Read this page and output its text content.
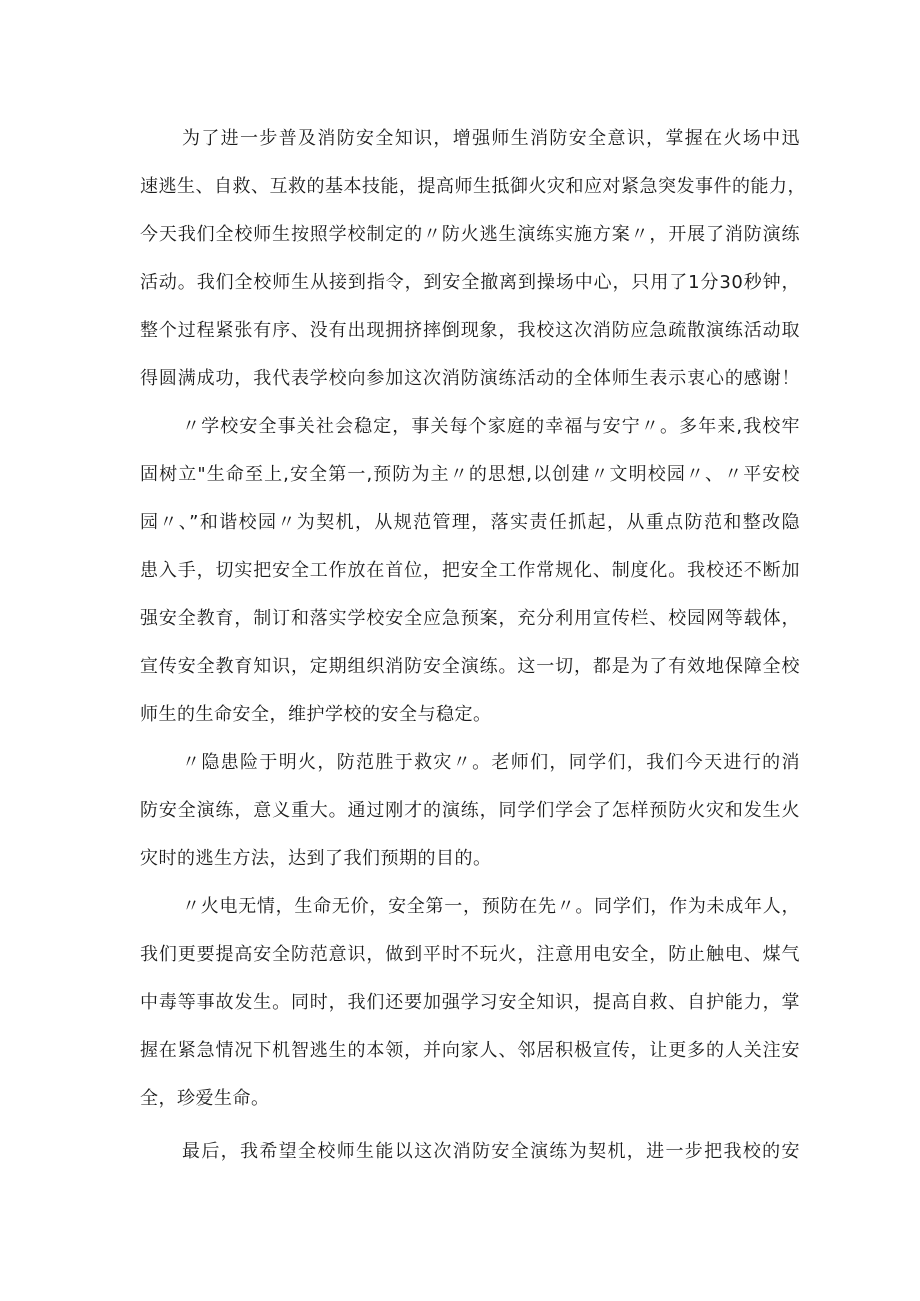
为了进一步普及消防安全知识，增强师生消防安全意识，掌握在火场中迅
速逃生、自救、互救的基本技能，提高师生抵御火灾和应对紧急突发事件的能力，
今天我们全校师生按照学校制定的〃防火逃生演练实施方案〃，开展了消防演练
活动。我们全校师生从接到指令，到安全撤离到操场中心，只用了1分30秒钟，
整个过程紧张有序、没有出现拥挤摔倒现象，我校这次消防应急疏散演练活动取
得圆满成功，我代表学校向参加这次消防演练活动的全体师生表示衷心的感谢！
〃学校安全事关社会稳定，事关每个家庭的幸福与安宁〃。多年来,我校牢
固树立"生命至上,安全第一,预防为主〃的思想,以创建〃文明校园〃、〃平安校
园〃、”和谐校园〃为契机，从规范管理，落实责任抓起，从重点防范和整改隐
患入手，切实把安全工作放在首位，把安全工作常规化、制度化。我校还不断加
强安全教育，制订和落实学校安全应急预案，充分利用宣传栏、校园网等载体，
宣传安全教育知识，定期组织消防安全演练。这一切，都是为了有效地保障全校
师生的生命安全，维护学校的安全与稳定。
〃隐患险于明火，防范胜于救灾〃。老师们，同学们，我们今天进行的消
防安全演练，意义重大。通过刚才的演练，同学们学会了怎样预防火灾和发生火
灾时的逃生方法，达到了我们预期的目的。
〃火电无情，生命无价，安全第一，预防在先〃。同学们，作为未成年人，
我们更要提高安全防范意识，做到平时不玩火，注意用电安全，防止触电、煤气
中毒等事故发生。同时，我们还要加强学习安全知识，提高自救、自护能力，掌
握在紧急情况下机智逃生的本领，并向家人、邻居积极宣传，让更多的人关注安
全，珍爱生命。
最后，我希望全校师生能以这次消防安全演练为契机，进一步把我校的安
